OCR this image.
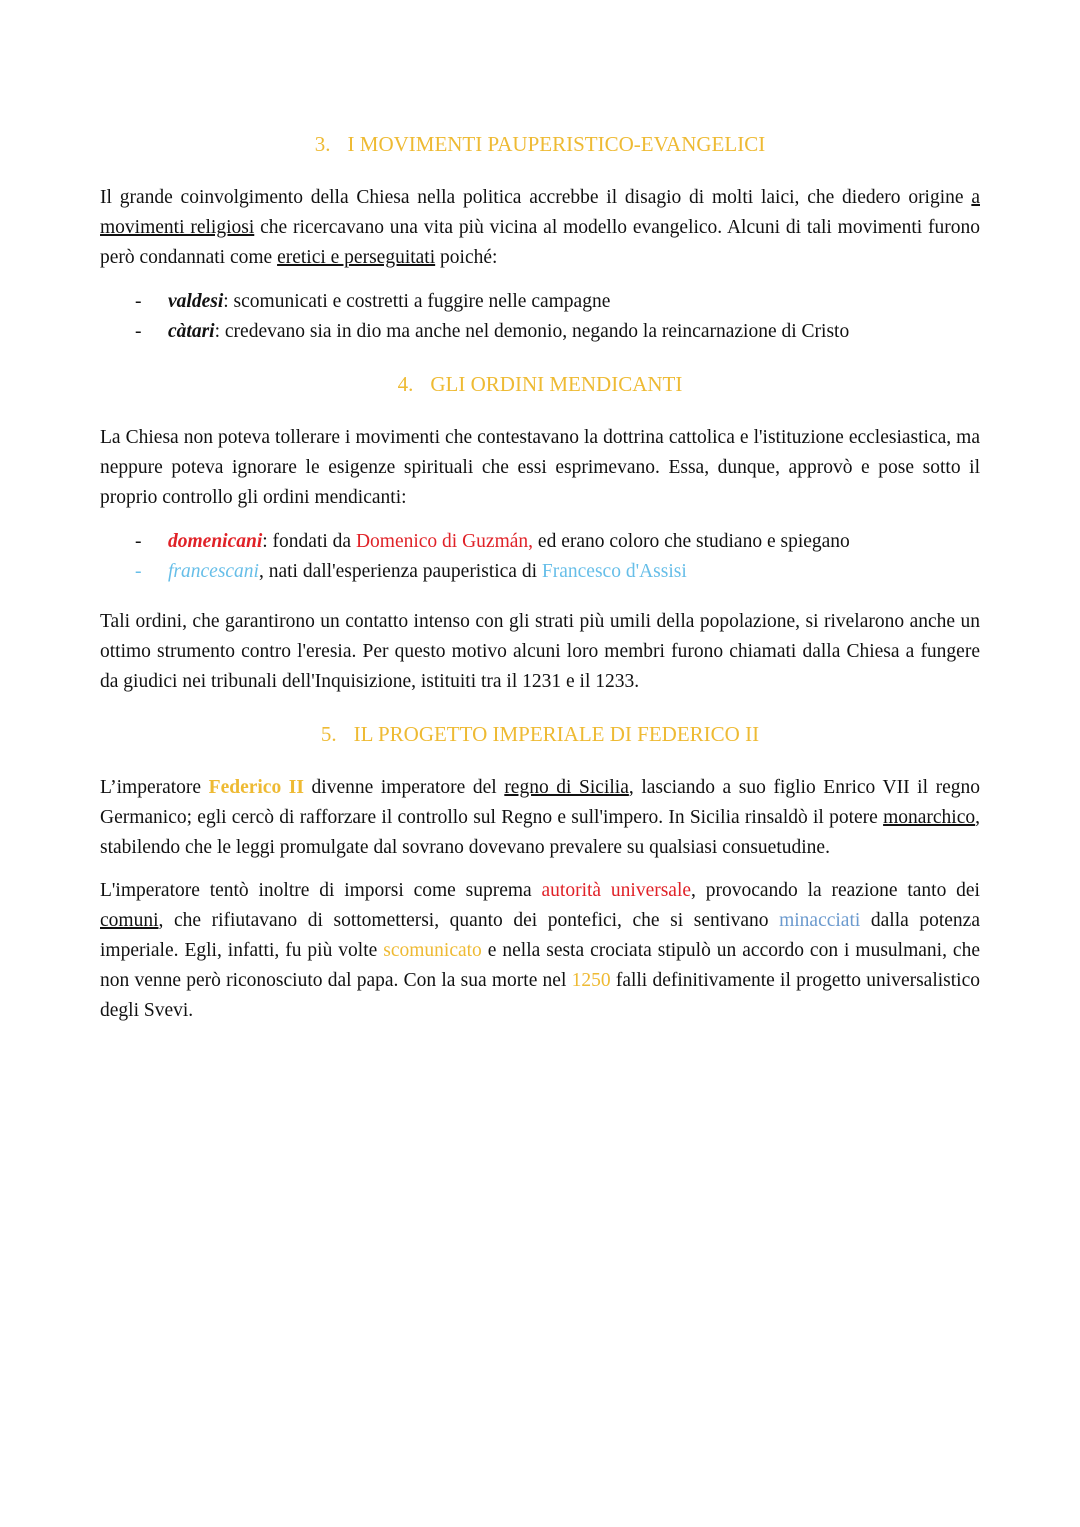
3. I MOVIMENTI PAUPERISTICO-EVANGELICI

Il grande coinvolgimento della Chiesa nella politica accrebbe il disagio di molti laici, che diedero origine a movimenti religiosi che ricercavano una vita più vicina al modello evangelico. Alcuni di tali movimenti furono però condannati come eretici e perseguitati poiché:

-	valdesi: scomunicati e costretti a fuggire nelle campagne
-	càtari: credevano sia in dio ma anche nel demonio, negando la reincarnazione di Cristo
4. GLI ORDINI MENDICANTI

La Chiesa non poteva tollerare i movimenti che contestavano la dottrina cattolica e l'istituzione ecclesiastica, ma neppure poteva ignorare le esigenze spirituali che essi esprimevano. Essa, dunque, approvò e pose sotto il proprio controllo gli ordini mendicanti:

-	domenicani: fondati da Domenico di Guzmán, ed erano coloro che studiano e spiegano
-	francescani, nati dall'esperienza pauperistica di Francesco d'Assisi

Tali ordini, che garantirono un contatto intenso con gli strati più umili della popolazione, si rivelarono anche un ottimo strumento contro l'eresia. Per questo motivo alcuni loro membri furono chiamati dalla Chiesa a fungere da giudici nei tribunali dell'Inquisizione, istituiti tra il 1231 e il 1233.

5. IL PROGETTO IMPERIALE DI FEDERICO II

L’imperatore Federico II divenne imperatore del regno di Sicilia, lasciando a suo figlio Enrico VII il regno Germanico; egli cercò di rafforzare il controllo sul Regno e sull'impero. In Sicilia rinsaldò il potere monarchico, stabilendo che le leggi promulgate dal sovrano dovevano prevalere su qualsiasi consuetudine.

L'imperatore tentò inoltre di imporsi come suprema autorità universale, provocando la reazione tanto dei comuni, che rifiutavano di sottomettersi, quanto dei pontefici, che si sentivano minacciati dalla potenza imperiale. Egli, infatti, fu più volte scomunicato e nella sesta crociata stipulò un accordo con i musulmani, che non venne però riconosciuto dal papa. Con la sua morte nel 1250 falli definitivamente il progetto universalistico degli Svevi.
